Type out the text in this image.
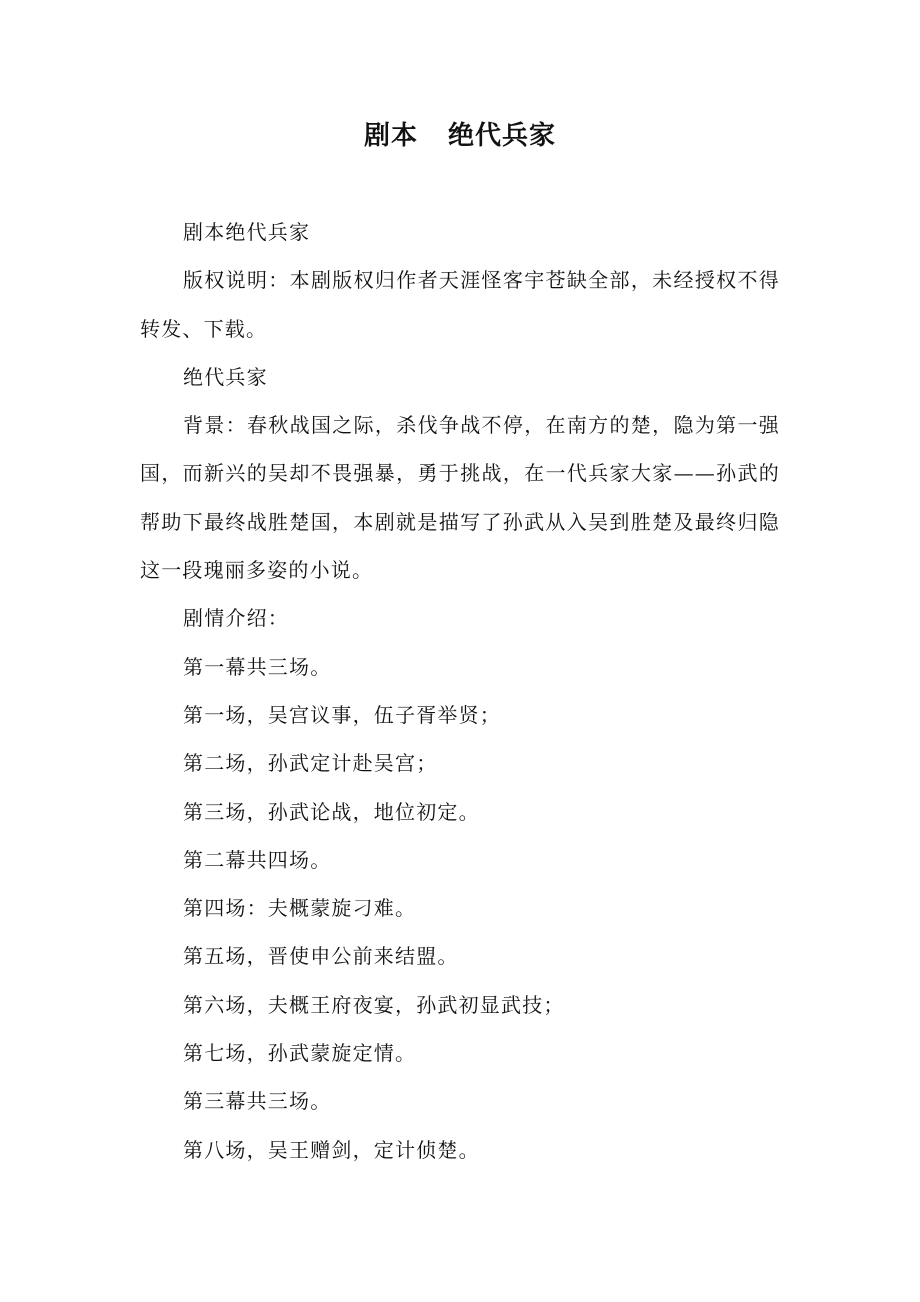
剧本 绝代兵家

剧本绝代兵家

版权说明：本剧版权归作者天涯怪客宇苍缺全部，未经授权不得转发、下载。

绝代兵家

背景：春秋战国之际，杀伐争战不停，在南方的楚，隐为第一强国，而新兴的吴却不畏强暴，勇于挑战，在一代兵家大家——孙武的帮助下最终战胜楚国，本剧就是描写了孙武从入吴到胜楚及最终归隐这一段瑰丽多姿的小说。

剧情介绍：

第一幕共三场。

第一场，吴宫议事，伍子胥举贤；

第二场，孙武定计赴吴宫；

第三场，孙武论战，地位初定。

第二幕共四场。

第四场：夫概蒙旋刁难。

第五场，晋使申公前来结盟。

第六场，夫概王府夜宴，孙武初显武技；

第七场，孙武蒙旋定情。

第三幕共三场。

第八场，吴王赠剑，定计侦楚。
